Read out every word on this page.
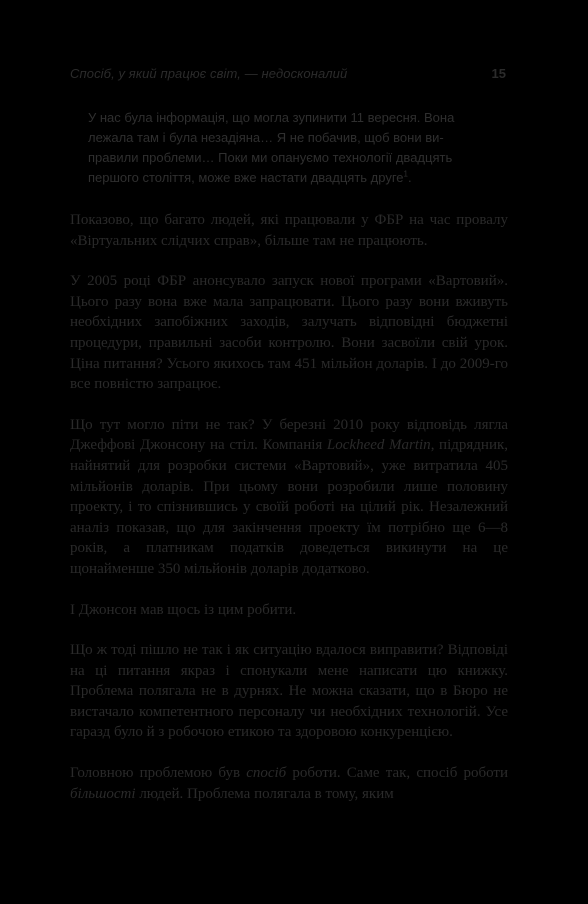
Спосіб, у який працює світ, — недосконалий	15
У нас була інформація, що могла зупинити 11 вересня. Вона
лежала там і була незадіяна… Я не побачив, щоб вони ви-
правили проблеми… Поки ми опануємо технології двадцять
першого століття, може вже настати двадцять друге$^1$.

Показово, що багато людей, які працювали у ФБР на час провалу «Віртуальних слідчих справ», більше там не працюють.

У 2005 році ФБР анонсувало запуск нової програми «Вартовий». Цього разу вона вже мала запрацювати. Цього разу вони вживуть необхідних запобіжних заходів, залучать відповідні бюджетні процедури, правильні засоби контролю. Вони засвоїли свій урок. Ціна питання? Усього якихось там 451 мільйон доларів. І до 2009-го все повністю запрацює.

Що тут могло піти не так? У березні 2010 року відповідь лягла Джеффові Джонсону на стіл. Компанія Lockheed Martin, підрядник, найнятий для розробки системи «Вартовий», уже витратила 405 мільйонів доларів. При цьому вони розробили лише половину проекту, і то спізнившись у своїй роботі на цілий рік. Незалежний аналіз показав, що для закінчення проекту їм потрібно ще 6—8 років, а платникам податків доведеться викинути на це щонайменше 350 мільйонів доларів додатково.

І Джонсон мав щось із цим робити.

Що ж тоді пішло не так і як ситуацію вдалося виправити? Відповіді на ці питання якраз і спонукали мене написати цю книжку. Проблема полягала не в дурнях. Не можна сказати, що в Бюро не вистачало компетентного персоналу чи необхідних технологій. Усе гаразд було й з робочою етикою та здоровою конкуренцією.

Головною проблемою був спосіб роботи. Саме так, спосіб роботи більшості людей. Проблема полягала в тому, яким
